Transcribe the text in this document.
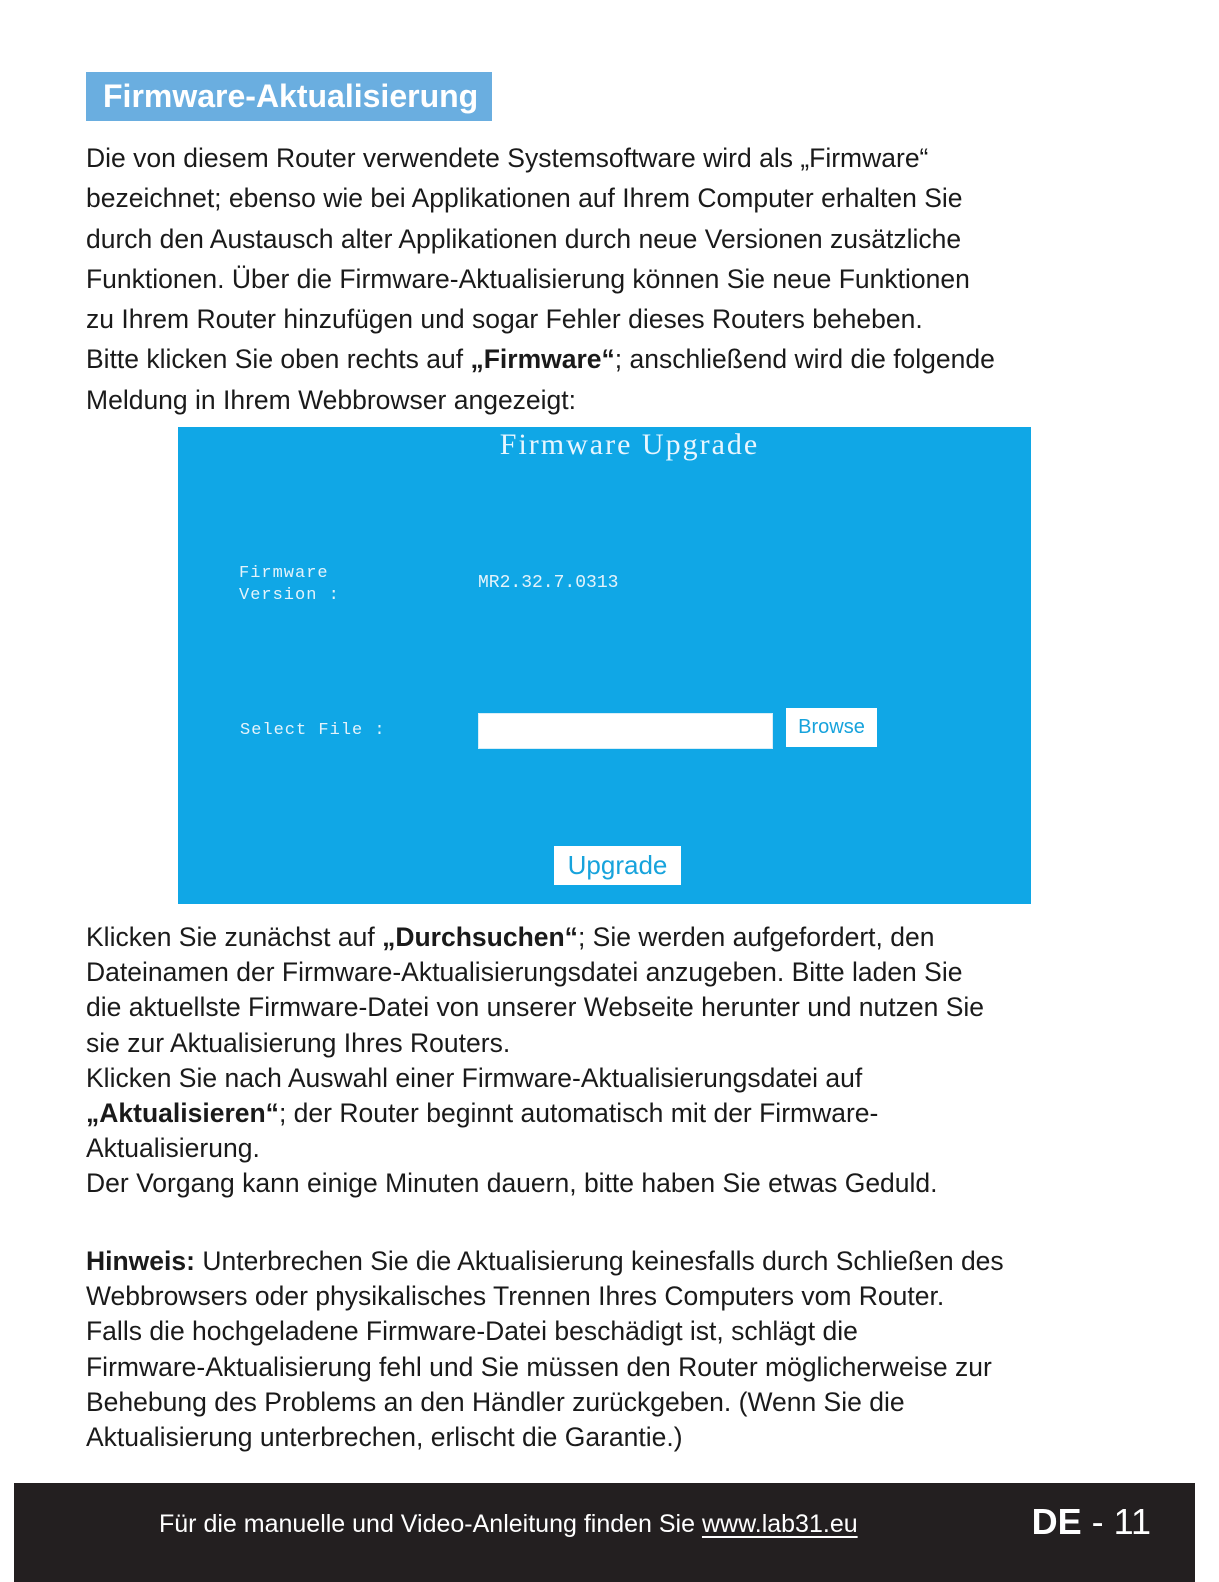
Firmware-Aktualisierung
Die von diesem Router verwendete Systemsoftware wird als „Firmware“
bezeichnet; ebenso wie bei Applikationen auf Ihrem Computer erhalten Sie
durch den Austausch alter Applikationen durch neue Versionen zusätzliche
Funktionen. Über die Firmware-Aktualisierung können Sie neue Funktionen
zu Ihrem Router hinzufügen und sogar Fehler dieses Routers beheben.
Bitte klicken Sie oben rechts auf „Firmware“; anschließend wird die folgende
Meldung in Ihrem Webbrowser angezeigt:
Firmware Upgrade
Firmware
Version :
MR2.32.7.0313
Select File :	Browse
Upgrade
Klicken Sie zunächst auf „Durchsuchen“; Sie werden aufgefordert, den
Dateinamen der Firmware-Aktualisierungsdatei anzugeben. Bitte laden Sie
die aktuellste Firmware-Datei von unserer Webseite herunter und nutzen Sie
sie zur Aktualisierung Ihres Routers.
Klicken Sie nach Auswahl einer Firmware-Aktualisierungsdatei auf
„Aktualisieren“; der Router beginnt automatisch mit der Firmware-
Aktualisierung.
Der Vorgang kann einige Minuten dauern, bitte haben Sie etwas Geduld.
Hinweis: Unterbrechen Sie die Aktualisierung keinesfalls durch Schließen des
Webbrowsers oder physikalisches Trennen Ihres Computers vom Router.
Falls die hochgeladene Firmware-Datei beschädigt ist, schlägt die
Firmware-Aktualisierung fehl und Sie müssen den Router möglicherweise zur
Behebung des Problems an den Händler zurückgeben. (Wenn Sie die
Aktualisierung unterbrechen, erlischt die Garantie.)
Für die manuelle und Video-Anleitung finden Sie www.lab31.eu	DE - 11
